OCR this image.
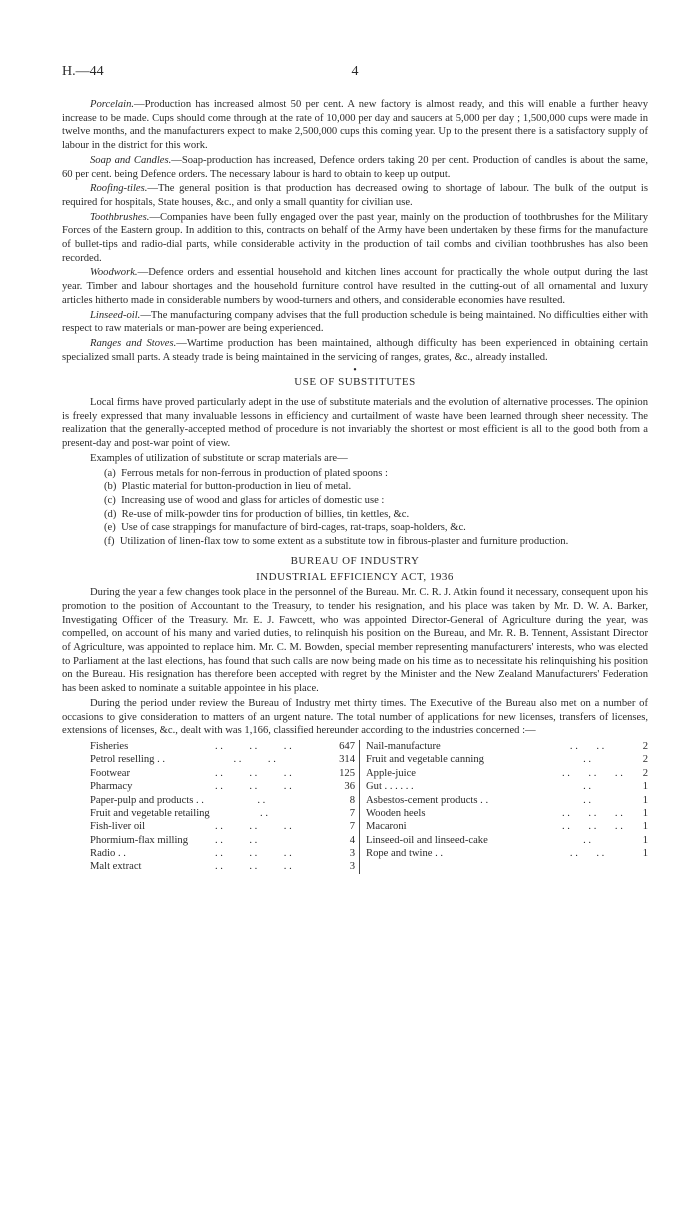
H.—44	4

Porcelain.—Production has increased almost 50 per cent. A new factory is almost ready, and this will enable a further heavy increase to be made. Cups should come through at the rate of 10,000 per day and saucers at 5,000 per day ; 1,500,000 cups were made in twelve months, and the manufacturers expect to make 2,500,000 cups this coming year. Up to the present there is a satisfactory supply of labour in the district for this work.

Soap and Candles.—Soap-production has increased, Defence orders taking 20 per cent. Production of candles is about the same, 60 per cent. being Defence orders. The necessary labour is hard to obtain to keep up output.

Roofing-tiles.—The general position is that production has decreased owing to shortage of labour. The bulk of the output is required for hospitals, State houses, &c., and only a small quantity for civilian use.

Toothbrushes.—Companies have been fully engaged over the past year, mainly on the production of toothbrushes for the Military Forces of the Eastern group. In addition to this, contracts on behalf of the Army have been undertaken by these firms for the manufacture of bullet-tips and radio-dial parts, while considerable activity in the production of tail combs and civilian toothbrushes has also been recorded.

Woodwork.—Defence orders and essential household and kitchen lines account for practically the whole output during the last year. Timber and labour shortages and the household furniture control have resulted in the cutting-out of all ornamental and luxury articles hitherto made in considerable numbers by wood-turners and others, and considerable economies have resulted.

Linseed-oil.—The manufacturing company advises that the full production schedule is being maintained. No difficulties either with respect to raw materials or man-power are being experienced.

Ranges and Stoves.—Wartime production has been maintained, although difficulty has been experienced in obtaining certain specialized small parts. A steady trade is being maintained in the servicing of ranges, grates, &c., already installed.

•
USE OF SUBSTITUTES

Local firms have proved particularly adept in the use of substitute materials and the evolution of alternative processes. The opinion is freely expressed that many invaluable lessons in efficiency and curtailment of waste have been learned through sheer necessity. The realization that the generally-accepted method of procedure is not invariably the shortest or most efficient is all to the good both from a present-day and post-war point of view.

Examples of utilization of substitute or scrap materials are—

(a) Ferrous metals for non-ferrous in production of plated spoons :
(b) Plastic material for button-production in lieu of metal.
(c) Increasing use of wood and glass for articles of domestic use :
(d) Re-use of milk-powder tins for production of billies, tin kettles, &c.
(e) Use of case strappings for manufacture of bird-cages, rat-traps, soap-holders, &c.
(f) Utilization of linen-flax tow to some extent as a substitute tow in fibrous-plaster and furniture production.
BUREAU OF INDUSTRY
INDUSTRIAL EFFICIENCY ACT, 1936

During the year a few changes took place in the personnel of the Bureau. Mr. C. R. J. Atkin found it necessary, consequent upon his promotion to the position of Accountant to the Treasury, to tender his resignation, and his place was taken by Mr. D. W. A. Barker, Investigating Officer of the Treasury. Mr. E. J. Fawcett, who was appointed Director-General of Agriculture during the year, was compelled, on account of his many and varied duties, to relinquish his position on the Bureau, and Mr. R. B. Tennent, Assistant Director of Agriculture, was appointed to replace him. Mr. C. M. Bowden, special member representing manufacturers' interests, who was elected to Parliament at the last elections, has found that such calls are now being made on his time as to necessitate his relinquishing his position on the Bureau. His resignation has therefore been accepted with regret by the Minister and the New Zealand Manufacturers' Federation has been asked to nominate a suitable appointee in his place.

During the period under review the Bureau of Industry met thirty times. The Executive of the Bureau also met on a number of occasions to give consideration to matters of an urgent nature. The total number of applications for new licenses, transfers of licenses, extensions of licenses, &c., dealt with was 1,166, classified hereunder according to the industries concerned :—

Fisheries	. .          . .          . .	647
Petrol reselling . .	. .          . .	314
Footwear	. .          . .          . .	125
Pharmacy	. .          . .          . .	36
Paper-pulp and products . . . .	8
Fruit and vegetable retailing . .	7
Fish-liver oil	. .          . .          . .	7
Phormium-flax milling	. .          . .	4
Radio . .	. .          . .          . .	3
Malt extract	. .          . .          . .	3
Nail-manufacture	. .       . .	2
Fruit and vegetable canning	. .	2
Apple-juice	. .       . .       . .	2
Gut . . . . . .	. .	1
Asbestos-cement products . .	. .	1
Wooden heels	. .       . .       . .	1
Macaroni	. .       . .       . .	1
Linseed-oil and linseed-cake	. .	1
Rope and twine . .	. .       . .	1
